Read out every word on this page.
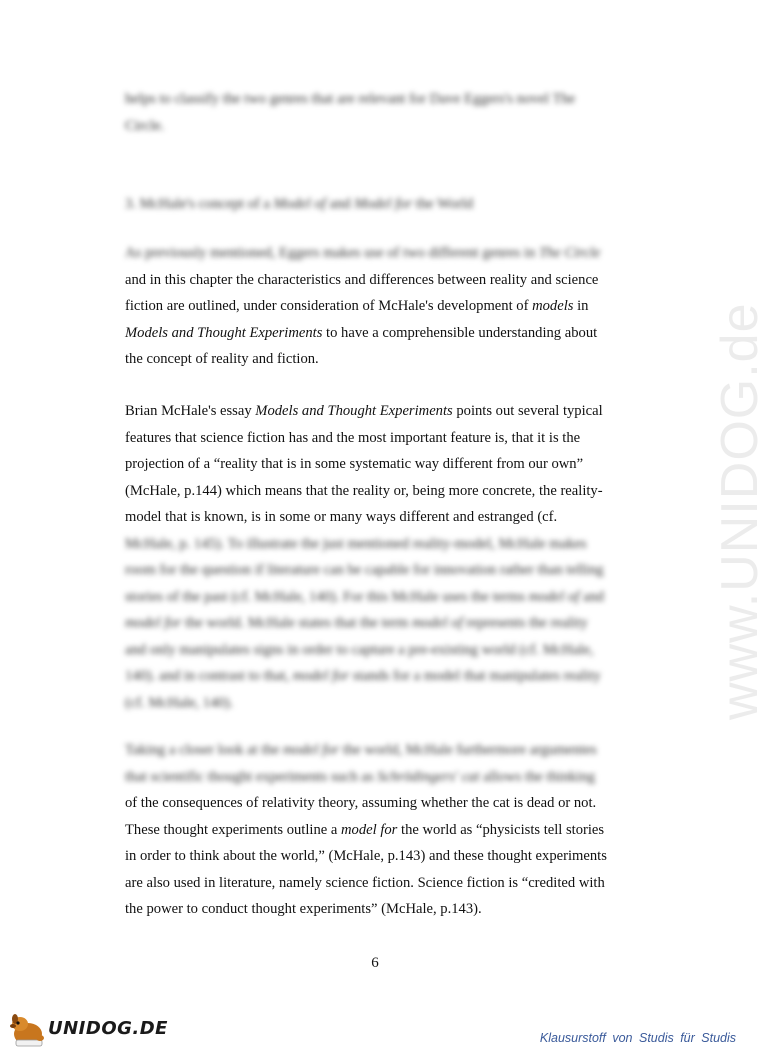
www.UNIDOG.de
helps to classify the two genres that are relevant for Dave Eggers's novel The
Circle.
3. McHale's concept of a Model of and Model for the World
As previously mentioned, Eggers makes use of two different genres in The Circle
and in this chapter the characteristics and differences between reality and science
fiction are outlined, under consideration of McHale's development of models in
Models and Thought Experiments to have a comprehensible understanding about
the concept of reality and fiction.
Brian McHale's essay Models and Thought Experiments points out several typical
features that science fiction has and the most important feature is, that it is the
projection of a “reality that is in some systematic way different from our own”
(McHale, p.144) which means that the reality or, being more concrete, the reality-
model that is known, is in some or many ways different and estranged (cf.
McHale, p. 145). To illustrate the just mentioned reality-model, McHale makes
room for the question if literature can be capable for innovation rather than telling
stories of the past (cf. McHale, 140). For this McHale uses the terms model of and
model for the world. McHale states that the term model of represents the reality
and only manipulates signs in order to capture a pre-existing world (cf. McHale,
140). and in contrast to that, model for stands for a model that manipulates reality
(cf. McHale, 140).
Taking a closer look at the model for the world, McHale furthermore argumentes
that scientific thought experiments such as Schrödingers' cat allows the thinking
of the consequences of relativity theory, assuming whether the cat is dead or not.
These thought experiments outline a model for the world as “physicists tell stories
in order to think about the world,” (McHale, p.143) and these thought experiments
are also used in literature, namely science fiction. Science fiction is “credited with
the power to conduct thought experiments” (McHale, p.143).
6
UNIDOG.DE	Klausurstoff von Studis für Studis
